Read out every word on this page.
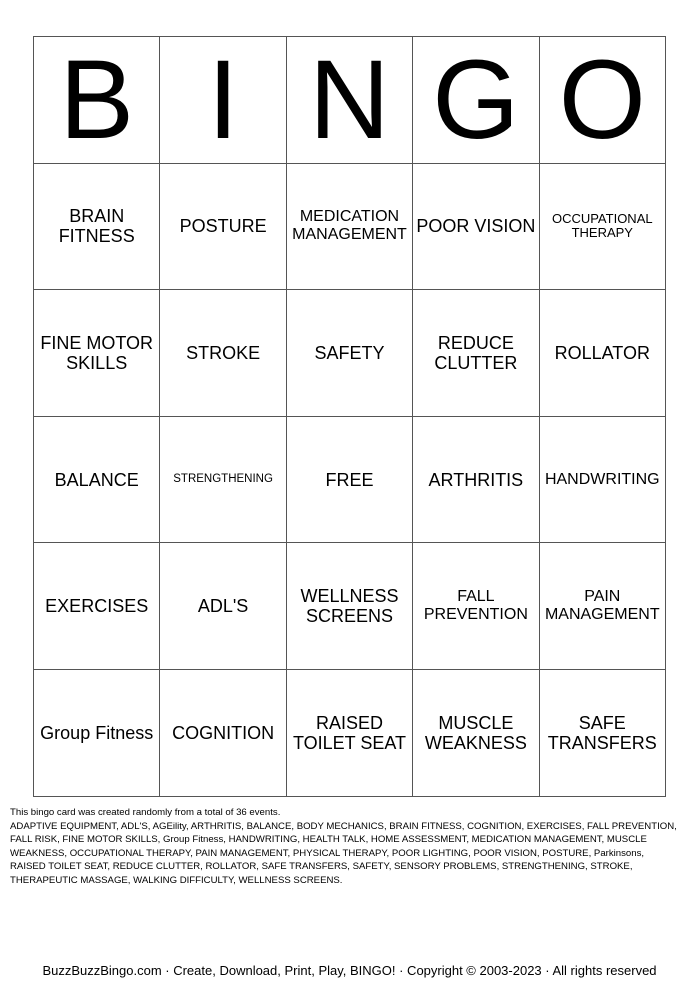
B	I	N	G	O
BRAIN FITNESS	POSTURE	MEDICATION MANAGEMENT	POOR VISION	OCCUPATIONAL THERAPY
FINE MOTOR SKILLS	STROKE	SAFETY	REDUCE CLUTTER	ROLLATOR
BALANCE	STRENGTHENING	FREE	ARTHRITIS	HANDWRITING
EXERCISES	ADL'S	WELLNESS SCREENS	FALL PREVENTION	PAIN MANAGEMENT
Group Fitness	COGNITION	RAISED TOILET SEAT	MUSCLE WEAKNESS	SAFE TRANSFERS

This bingo card was created randomly from a total of 36 events.

ADAPTIVE EQUIPMENT, ADL'S, AGEility, ARTHRITIS, BALANCE, BODY MECHANICS, BRAIN FITNESS, COGNITION, EXERCISES, FALL PREVENTION, FALL RISK, FINE MOTOR SKILLS, Group Fitness, HANDWRITING, HEALTH TALK, HOME ASSESSMENT, MEDICATION MANAGEMENT, MUSCLE WEAKNESS, OCCUPATIONAL THERAPY, PAIN MANAGEMENT, PHYSICAL THERAPY, POOR LIGHTING, POOR VISION, POSTURE, Parkinsons, RAISED TOILET SEAT, REDUCE CLUTTER, ROLLATOR, SAFE TRANSFERS, SAFETY, SENSORY PROBLEMS, STRENGTHENING, STROKE, THERAPEUTIC MASSAGE, WALKING DIFFICULTY, WELLNESS SCREENS.

BuzzBuzzBingo.com · Create, Download, Print, Play, BINGO! · Copyright © 2003-2023 · All rights reserved
